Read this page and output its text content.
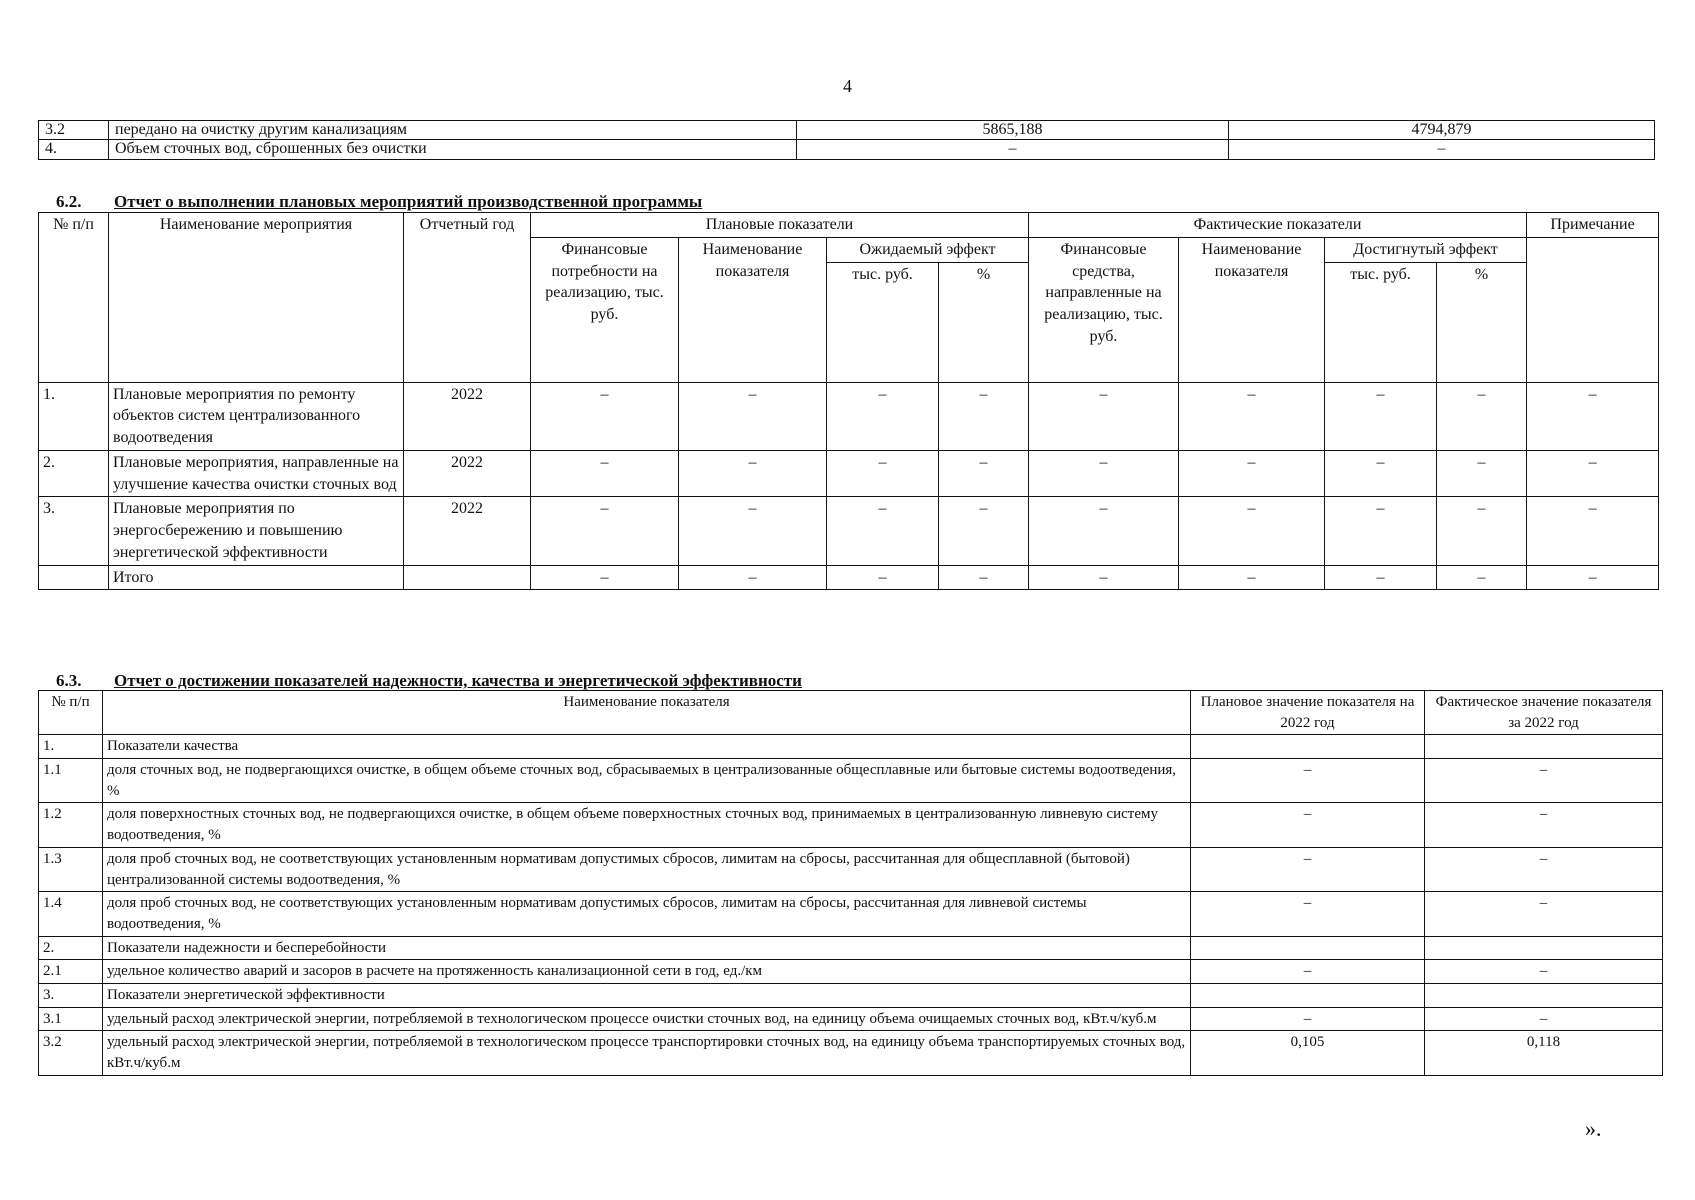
4
3.2	передано на очистку другим канализациям	5865,188	4794,879
4.	Объем сточных вод, сброшенных без очистки	–	–
6.2. Отчет о выполнении плановых мероприятий производственной программы
№ п/п	Наименование мероприятия	Отчетный год	Плановые показатели				Фактические показатели				Примечание
			Финансовые потребности на реализацию, тыс. руб.	Наименование показателя	Ожидаемый эффект		Финансовые средства, направленные на реализацию, тыс. руб.	Наименование показателя	Достигнутый эффект		
					тыс. руб.	%			тыс. руб.	%	
1.	Плановые мероприятия по ремонту объектов систем централизованного водоотведения	2022	–	–	–	–	–	–	–	–	–
2.	Плановые мероприятия, направленные на улучшение качества очистки сточных вод	2022	–	–	–	–	–	–	–	–	–
3.	Плановые мероприятия по энергосбережению и повышению энергетической эффективности	2022	–	–	–	–	–	–	–	–	–
	Итого		–	–	–	–	–	–	–	–	–
6.3. Отчет о достижении показателей надежности, качества и энергетической эффективности
№ п/п	Наименование показателя	Плановое значение показателя на 2022 год	Фактическое значение показателя за 2022 год
1.	Показатели качества		
1.1	доля сточных вод, не подвергающихся очистке, в общем объеме сточных вод, сбрасываемых в централизованные общесплавные или бытовые системы водоотведения, %	–	–
1.2	доля поверхностных сточных вод, не подвергающихся очистке, в общем объеме поверхностных сточных вод, принимаемых в централизованную ливневую систему водоотведения, %	–	–
1.3	доля проб сточных вод, не соответствующих установленным нормативам допустимых сбросов, лимитам на сбросы, рассчитанная для общесплавной (бытовой) централизованной системы водоотведения, %	–	–
1.4	доля проб сточных вод, не соответствующих установленным нормативам допустимых сбросов, лимитам на сбросы, рассчитанная для ливневой системы водоотведения, %	–	–
2.	Показатели надежности и бесперебойности		
2.1	удельное количество аварий и засоров в расчете на протяженность канализационной сети в год, ед./км	–	–
3.	Показатели энергетической эффективности		
3.1	удельный расход электрической энергии, потребляемой в технологическом процессе очистки сточных вод, на единицу объема очищаемых сточных вод, кВт.ч/куб.м	–	–
3.2	удельный расход электрической энергии, потребляемой в технологическом процессе транспортировки сточных вод, на единицу объема транспортируемых сточных вод, кВт.ч/куб.м	0,105	0,118
».
